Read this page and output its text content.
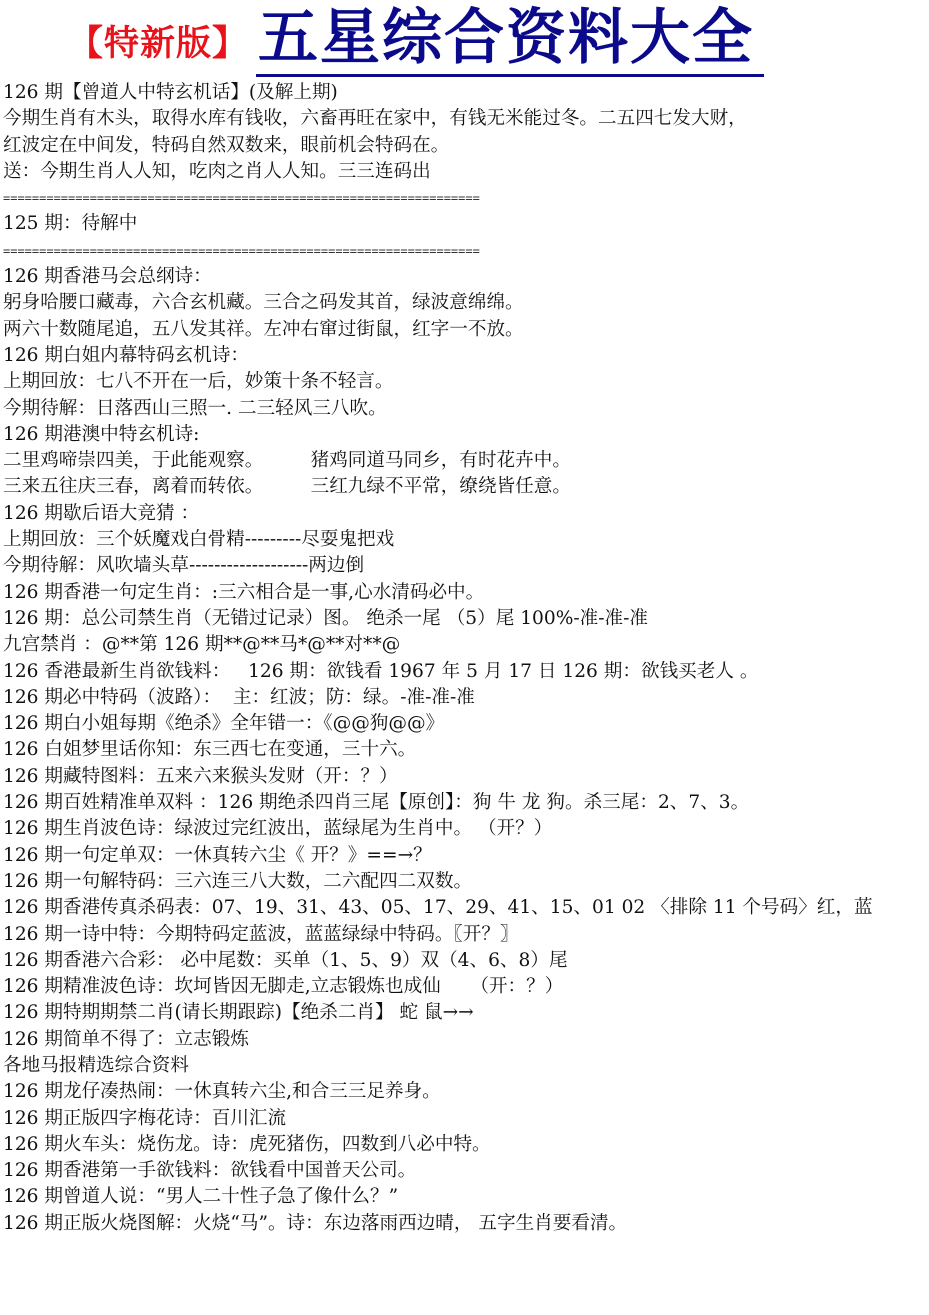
【特新版】 五星综合资料大全
126 期【曾道人中特玄机话】(及解上期)
今期生肖有木头，取得水库有钱收，六畜再旺在家中，有钱无米能过冬。二五四七发大财，
红波定在中间发，特码自然双数来，眼前机会特码在。
送：今期生肖人人知，吃肉之肖人人知。三三连码出
==================================================================
125 期：待解中
==================================================================
126 期香港马会总纲诗：
躬身哈腰口藏毒，六合玄机藏。三合之码发其首，绿波意绵绵。
两六十数随尾追，五八发其祥。左冲右窜过街鼠，红字一不放。
126 期白姐内幕特码玄机诗：
上期回放：七八不开在一后，妙策十条不轻言。
今期待解：日落西山三照一. 二三轻风三八吹。
126 期港澳中特玄机诗:
二里鸡啼崇四美，于此能观察。        猪鸡同道马同乡，有时花卉中。
三来五往庆三春，离着而转依。        三红九绿不平常，缭绕皆任意。
126 期歇后语大竞猜 ：
上期回放：三个妖魔戏白骨精---------尽耍鬼把戏
今期待解：风吹墙头草-------------------两边倒
126 期香港一句定生肖：:三六相合是一事,心水清码必中。
126 期：总公司禁生肖（无错过记录）图。 绝杀一尾 （5）尾 100%-准-准-准
九宫禁肖 ：@**第 126 期**@**马*@**对**@
126 香港最新生肖欲钱料：   126 期：欲钱看 1967 年 5 月 17 日 126 期：欲钱买老人 。
126 期必中特码（波路）：  主：红波；防：绿。-准-准-准
126 期白小姐每期《绝杀》全年错一：《@@狗@@》
126 白姐梦里话你知：东三西七在变通，三十六。
126 期藏特图料：五来六来猴头发财（开：？）
126 期百姓精准单双料 ：126 期绝杀四肖三尾【原创】：狗 牛 龙 狗。杀三尾：2、7、3。
126 期生肖波色诗：绿波过完红波出，蓝绿尾为生肖中。 （开？）
126 期一句定单双：一休真转六尘《 开？》==→？
126 期一句解特码：三六连三八大数，二六配四二双数。
126 期香港传真杀码表：07、19、31、43、05、17、29、41、15、01 02 〈排除 11 个号码〉红，蓝
126 期一诗中特：今期特码定蓝波，蓝蓝绿绿中特码。〖开？〗
126 期香港六合彩： 必中尾数：买单（1、5、9）双（4、6、8）尾
126 期精准波色诗：坎坷皆因无脚走,立志锻炼也成仙     （开：？）
126 期特期期禁二肖(请长期跟踪)【绝杀二肖】 蛇 鼠→→
126 期简单不得了：立志锻炼
各地马报精选综合资料
126 期龙仔凑热闹：一休真转六尘,和合三三足养身。
126 期正版四字梅花诗：百川汇流
126 期火车头：烧伤龙。诗：虎死猪伤，四数到八必中特。
126 期香港第一手欲钱料：欲钱看中国普天公司。
126 期曾道人说：“男人二十性子急了像什么？”
126 期正版火烧图解：火烧“马”。诗：东边落雨西边晴， 五字生肖要看清。
